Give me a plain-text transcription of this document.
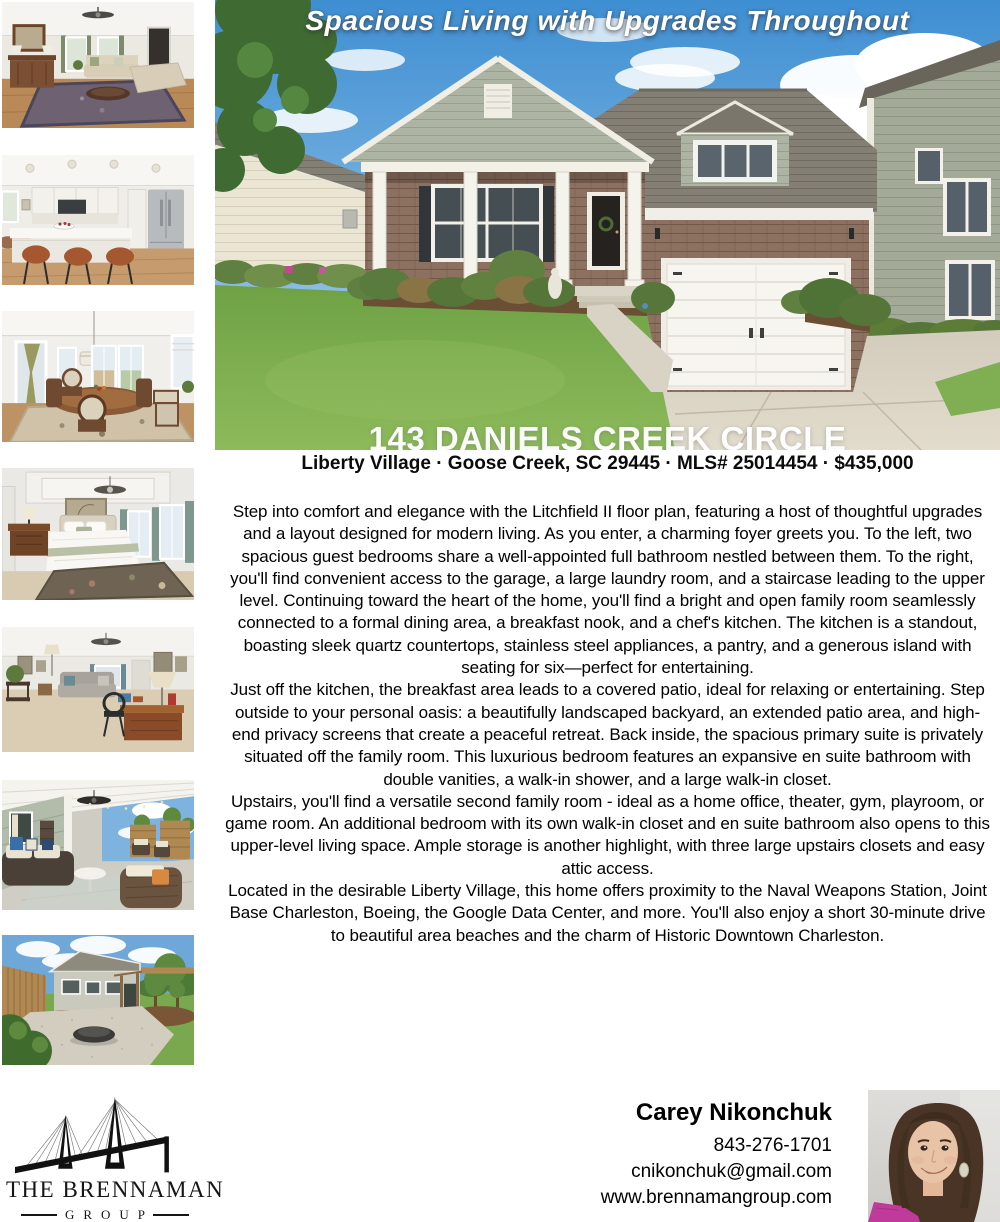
Spacious Living with Upgrades Throughout
143 DANIELS CREEK CIRCLE
Liberty Village · Goose Creek, SC 29445 · MLS# 25014454 · $435,000

Step into comfort and elegance with the Litchfield II floor plan, featuring a host of thoughtful upgrades and a layout designed for modern living. As you enter, a charming foyer greets you. To the left, two spacious guest bedrooms share a well-appointed full bathroom nestled between them. To the right, you'll find convenient access to the garage, a large laundry room, and a staircase leading to the upper level. Continuing toward the heart of the home, you'll find a bright and open family room seamlessly connected to a formal dining area, a breakfast nook, and a chef's kitchen. The kitchen is a standout, boasting sleek quartz countertops, stainless steel appliances, a pantry, and a generous island with seating for six—perfect for entertaining.

Just off the kitchen, the breakfast area leads to a covered patio, ideal for relaxing or entertaining. Step outside to your personal oasis: a beautifully landscaped backyard, an extended patio area, and high-end privacy screens that create a peaceful retreat. Back inside, the spacious primary suite is privately situated off the family room. This luxurious bedroom features an expansive en suite bathroom with double vanities, a walk-in shower, and a large walk-in closet.

Upstairs, you'll find a versatile second family room - ideal as a home office, theater, gym, playroom, or game room. An additional bedroom with its own walk-in closet and en suite bathroom also opens to this upper-level living space. Ample storage is another highlight, with three large upstairs closets and easy attic access.

Located in the desirable Liberty Village, this home offers proximity to the Naval Weapons Station, Joint Base Charleston, Boeing, the Google Data Center, and more. You'll also enjoy a short 30-minute drive to beautiful area beaches and the charm of Historic Downtown Charleston.

THE BRENNAMAN
GROUP
Carey Nikonchuk
843-276-1701
cnikonchuk@gmail.com
www.brennamangroup.com
